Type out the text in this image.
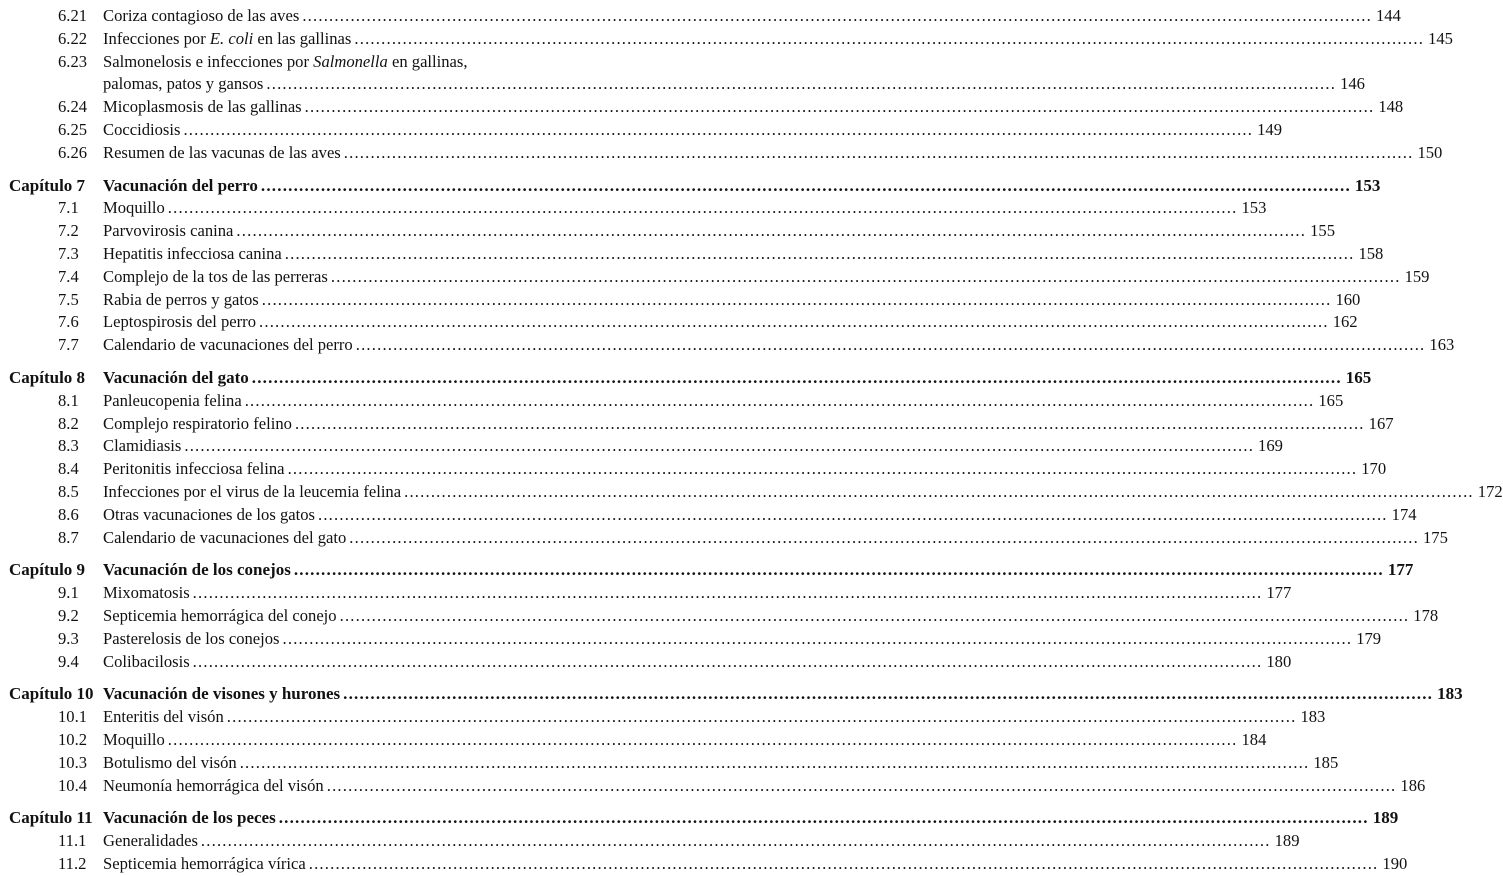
6.21 Coriza contagioso de las aves ........................................................................................................................................................................................................ 144
6.22 Infecciones por E. coli en las gallinas ........................................................................................................................................................................................................ 145
6.23 Salmonelosis e infecciones por Salmonella en gallinas,
palomas, patos y gansos ........................................................................................................................................................................................................ 146
6.24 Micoplasmosis de las gallinas ........................................................................................................................................................................................................ 148
6.25 Coccidiosis ........................................................................................................................................................................................................ 149
6.26 Resumen de las vacunas de las aves ........................................................................................................................................................................................................ 150
Capítulo 7 Vacunación del perro ........................................................................................................................................................................................................ 153
7.1 Moquillo ........................................................................................................................................................................................................ 153
7.2 Parvovirosis canina ........................................................................................................................................................................................................ 155
7.3 Hepatitis infecciosa canina ........................................................................................................................................................................................................ 158
7.4 Complejo de la tos de las perreras ........................................................................................................................................................................................................ 159
7.5 Rabia de perros y gatos ........................................................................................................................................................................................................ 160
7.6 Leptospirosis del perro ........................................................................................................................................................................................................ 162
7.7 Calendario de vacunaciones del perro ........................................................................................................................................................................................................ 163
Capítulo 8 Vacunación del gato ........................................................................................................................................................................................................ 165
8.1 Panleucopenia felina ........................................................................................................................................................................................................ 165
8.2 Complejo respiratorio felino ........................................................................................................................................................................................................ 167
8.3 Clamidiasis ........................................................................................................................................................................................................ 169
8.4 Peritonitis infecciosa felina ........................................................................................................................................................................................................ 170
8.5 Infecciones por el virus de la leucemia felina ........................................................................................................................................................................................................ 172
8.6 Otras vacunaciones de los gatos ........................................................................................................................................................................................................ 174
8.7 Calendario de vacunaciones del gato ........................................................................................................................................................................................................ 175
Capítulo 9 Vacunación de los conejos ........................................................................................................................................................................................................ 177
9.1 Mixomatosis ........................................................................................................................................................................................................ 177
9.2 Septicemia hemorrágica del conejo ........................................................................................................................................................................................................ 178
9.3 Pasterelosis de los conejos ........................................................................................................................................................................................................ 179
9.4 Colibacilosis ........................................................................................................................................................................................................ 180
Capítulo 10 Vacunación de visones y hurones ........................................................................................................................................................................................................ 183
10.1 Enteritis del visón ........................................................................................................................................................................................................ 183
10.2 Moquillo ........................................................................................................................................................................................................ 184
10.3 Botulismo del visón ........................................................................................................................................................................................................ 185
10.4 Neumonía hemorrágica del visón ........................................................................................................................................................................................................ 186
Capítulo 11 Vacunación de los peces ........................................................................................................................................................................................................ 189
11.1 Generalidades ........................................................................................................................................................................................................ 189
11.2 Septicemia hemorrágica vírica ........................................................................................................................................................................................................ 190
